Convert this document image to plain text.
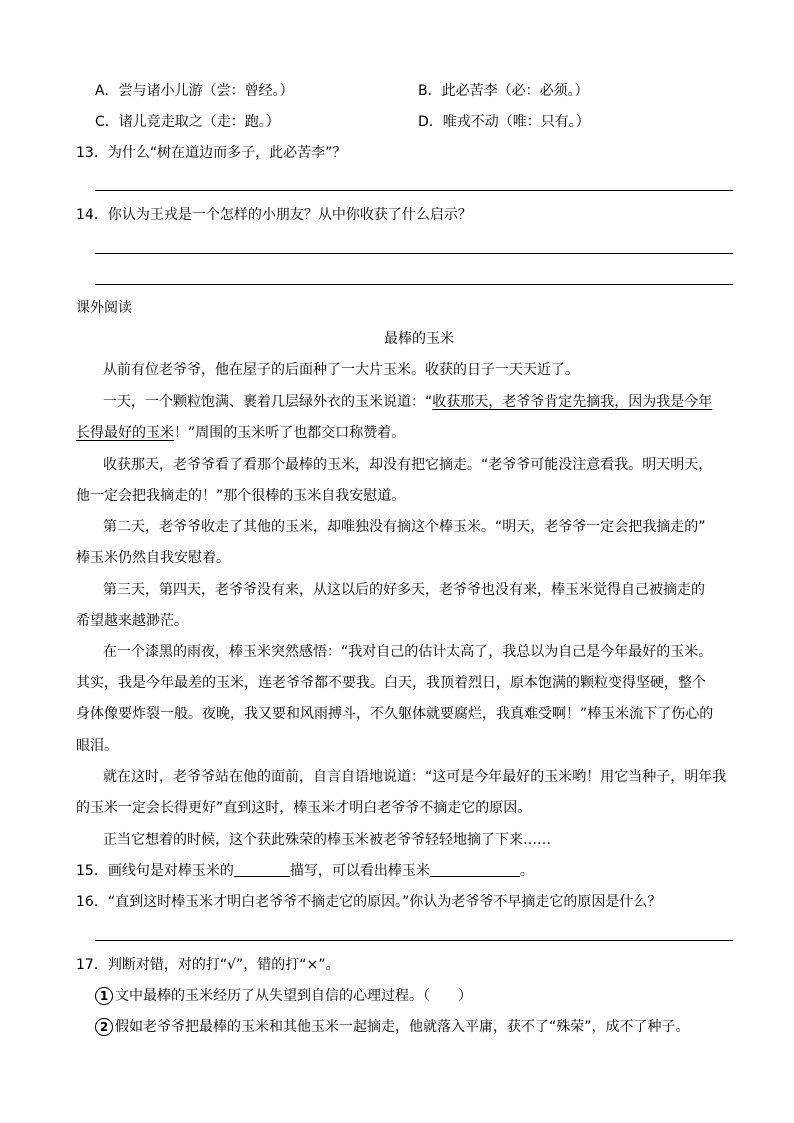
A．尝与诸小儿游（尝：曾经。）	B．此必苦李（必：必须。）
C．诸儿竞走取之（走：跑。）	D．唯戎不动（唯：只有。）
13．为什么“树在道边而多子，此必苦李”？
14．你认为王戎是一个怎样的小朋友？从中你收获了什么启示？
课外阅读
最棒的玉米
从前有位老爷爷，他在屋子的后面种了一大片玉米。收获的日子一天天近了。
一天，一个颗粒饱满、裹着几层绿外衣的玉米说道：“收获那天，老爷爷肯定先摘我，因为我是今年
长得最好的玉米！”周围的玉米听了也都交口称赞着。
收获那天，老爷爷看了看那个最棒的玉米，却没有把它摘走。“老爷爷可能没注意看我。明天明天，
他一定会把我摘走的！”那个很棒的玉米自我安慰道。
第二天，老爷爷收走了其他的玉米，却唯独没有摘这个棒玉米。“明天，老爷爷一定会把我摘走的”
棒玉米仍然自我安慰着。
第三天，第四天，老爷爷没有来，从这以后的好多天，老爷爷也没有来，棒玉米觉得自己被摘走的
希望越来越渺茫。
在一个漆黑的雨夜，棒玉米突然感悟：“我对自己的估计太高了，我总以为自己是今年最好的玉米。
其实，我是今年最差的玉米，连老爷爷都不要我。白天，我顶着烈日，原本饱满的颗粒变得坚硬，整个
身体像要炸裂一般。夜晚，我又要和风雨搏斗，不久躯体就要腐烂，我真难受啊！”棒玉米流下了伤心的
眼泪。
就在这时，老爷爷站在他的面前，自言自语地说道：“这可是今年最好的玉米哟！用它当种子，明年我
的玉米一定会长得更好”直到这时，棒玉米才明白老爷爷不摘走它的原因。
正当它想着的时候，这个获此殊荣的棒玉米被老爷爷轻轻地摘了下来……
15．画线句是对棒玉米的	描写，可以看出棒玉米	。
16．“直到这时棒玉米才明白老爷爷不摘走它的原因。”你认为老爷爷不早摘走它的原因是什么？
17．判断对错，对的打“√”，错的打“×”。
1 文中最棒的玉米经历了从失望到自信的心理过程。（　　）
2 假如老爷爷把最棒的玉米和其他玉米一起摘走，他就落入平庸，获不了“殊荣”，成不了种子。
